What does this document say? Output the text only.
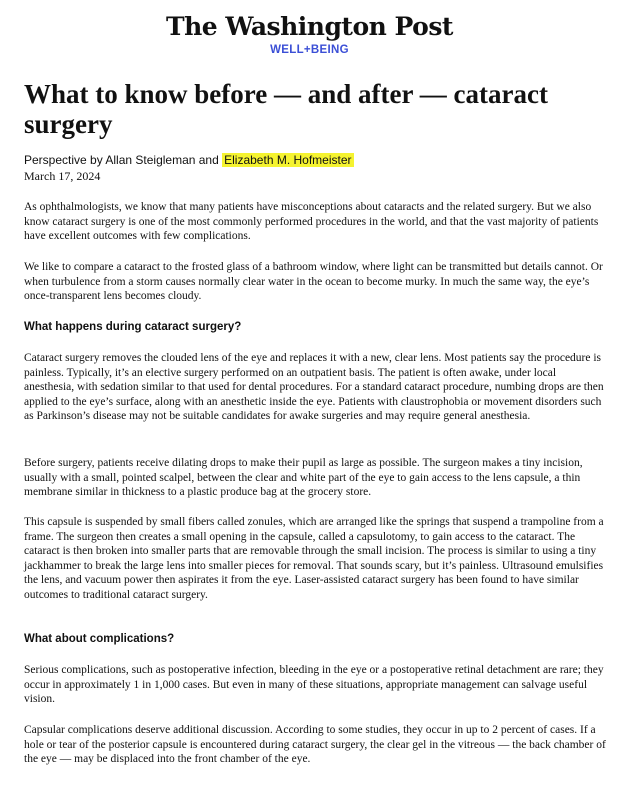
The Washington Post
WELL+BEING
What to know before — and after — cataract surgery
Perspective by Allan Steigleman and Elizabeth M. Hofmeister
March 17, 2024

As ophthalmologists, we know that many patients have misconceptions about cataracts and the related surgery. But we also know cataract surgery is one of the most commonly performed procedures in the world, and that the vast majority of patients have excellent outcomes with few complications.

We like to compare a cataract to the frosted glass of a bathroom window, where light can be transmitted but details cannot. Or when turbulence from a storm causes normally clear water in the ocean to become murky. In much the same way, the eye’s once-transparent lens becomes cloudy.

What happens during cataract surgery?

Cataract surgery removes the clouded lens of the eye and replaces it with a new, clear lens. Most patients say the procedure is painless. Typically, it’s an elective surgery performed on an outpatient basis. The patient is often awake, under local anesthesia, with sedation similar to that used for dental procedures. For a standard cataract procedure, numbing drops are then applied to the eye’s surface, along with an anesthetic inside the eye. Patients with claustrophobia or movement disorders such as Parkinson’s disease may not be suitable candidates for awake surgeries and may require general anesthesia.

Before surgery, patients receive dilating drops to make their pupil as large as possible. The surgeon makes a tiny incision, usually with a small, pointed scalpel, between the clear and white part of the eye to gain access to the lens capsule, a thin membrane similar in thickness to a plastic produce bag at the grocery store.

This capsule is suspended by small fibers called zonules, which are arranged like the springs that suspend a trampoline from a frame. The surgeon then creates a small opening in the capsule, called a capsulotomy, to gain access to the cataract. The cataract is then broken into smaller parts that are removable through the small incision. The process is similar to using a tiny jackhammer to break the large lens into smaller pieces for removal. That sounds scary, but it’s painless. Ultrasound emulsifies the lens, and vacuum power then aspirates it from the eye. Laser-assisted cataract surgery has been found to have similar outcomes to traditional cataract surgery.

What about complications?

Serious complications, such as postoperative infection, bleeding in the eye or a postoperative retinal detachment are rare; they occur in approximately 1 in 1,000 cases. But even in many of these situations, appropriate management can salvage useful vision.

Capsular complications deserve additional discussion. According to some studies, they occur in up to 2 percent of cases. If a hole or tear of the posterior capsule is encountered during cataract surgery, the clear gel in the vitreous — the back chamber of the eye — may be displaced into the front chamber of the eye.
